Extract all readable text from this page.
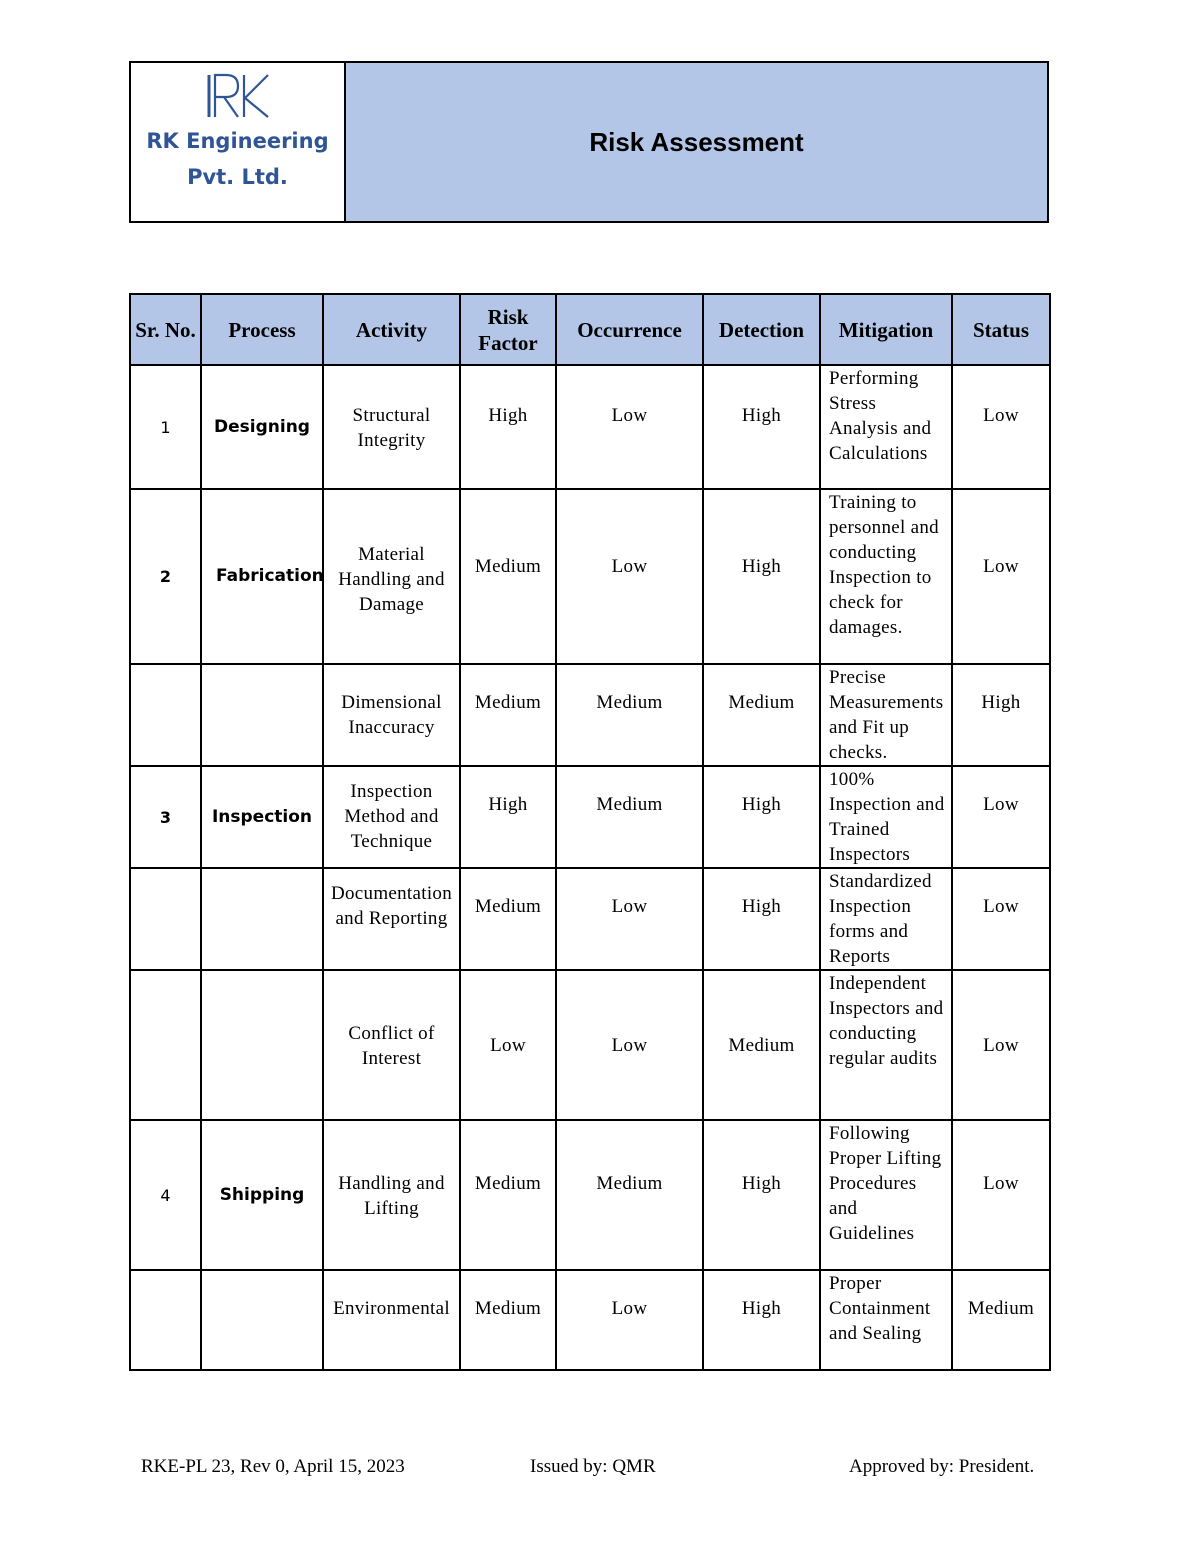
RK Engineering
Pvt. Ltd.
Risk Assessment
Sr. No.	Process	Activity	Risk Factor	Occurrence	Detection	Mitigation	Status
1	Designing	Structural Integrity	High	Low	High	Performing Stress Analysis and Calculations	Low
2	Fabrication	Material Handling and Damage	Medium	Low	High	Training to personnel and conducting Inspection to check for damages.	Low
		Dimensional Inaccuracy	Medium	Medium	Medium	Precise Measurements and Fit up checks.	High
3	Inspection	Inspection Method and Technique	High	Medium	High	100% Inspection and Trained Inspectors	Low
		Documentation and Reporting	Medium	Low	High	Standardized Inspection forms and Reports	Low
		Conflict of Interest	Low	Low	Medium	Independent Inspectors and conducting regular audits	Low
4	Shipping	Handling and Lifting	Medium	Medium	High	Following Proper Lifting Procedures and Guidelines	Low
		Environmental	Medium	Low	High	Proper Containment and Sealing	Medium
RKE-PL 23, Rev 0, April 15, 2023	Issued by: QMR	Approved by: President.
